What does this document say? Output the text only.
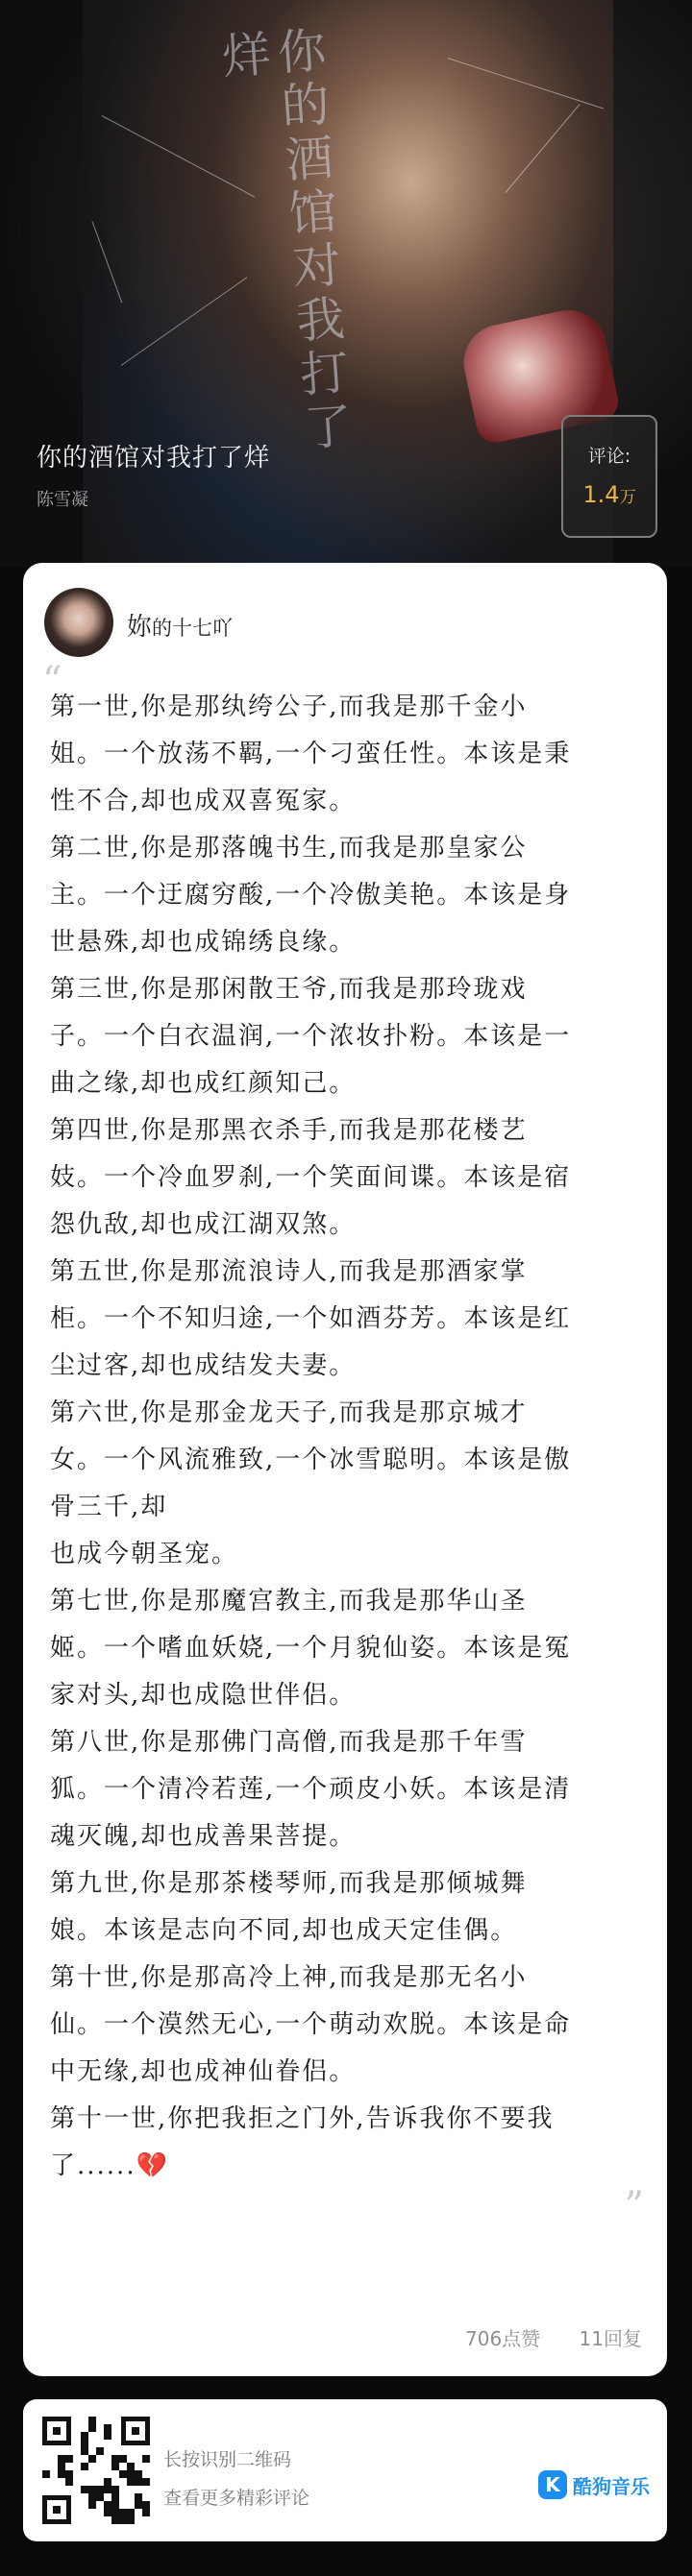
你的酒馆对我打了烊
你的酒馆对我打了烊
陈雪凝
评论:
1.4万
妳的十七吖
“

第一世,你是那纨绔公子,而我是那千金小

姐。一个放荡不羁,一个刁蛮任性。本该是秉

性不合,却也成双喜冤家。

第二世,你是那落魄书生,而我是那皇家公

主。一个迂腐穷酸,一个冷傲美艳。本该是身

世悬殊,却也成锦绣良缘。

第三世,你是那闲散王爷,而我是那玲珑戏

子。一个白衣温润,一个浓妆扑粉。本该是一

曲之缘,却也成红颜知己。

第四世,你是那黑衣杀手,而我是那花楼艺

妓。一个冷血罗刹,一个笑面间谍。本该是宿

怨仇敌,却也成江湖双煞。

第五世,你是那流浪诗人,而我是那酒家掌

柜。一个不知归途,一个如酒芬芳。本该是红

尘过客,却也成结发夫妻。

第六世,你是那金龙天子,而我是那京城才

女。一个风流雅致,一个冰雪聪明。本该是傲

骨三千,却

也成今朝圣宠。

第七世,你是那魔宫教主,而我是那华山圣

姬。一个嗜血妖娆,一个月貌仙姿。本该是冤

家对头,却也成隐世伴侣。

第八世,你是那佛门高僧,而我是那千年雪

狐。一个清冷若莲,一个顽皮小妖。本该是清

魂灭魄,却也成善果菩提。

第九世,你是那茶楼琴师,而我是那倾城舞

娘。本该是志向不同,却也成天定佳偶。

第十世,你是那高冷上神,而我是那无名小

仙。一个漠然无心,一个萌动欢脱。本该是命

中无缘,却也成神仙眷侣。

第十一世,你把我拒之门外,告诉我你不要我

了......💔

”
706点赞 11回复
长按识别二维码
查看更多精彩评论
K 酷狗音乐
